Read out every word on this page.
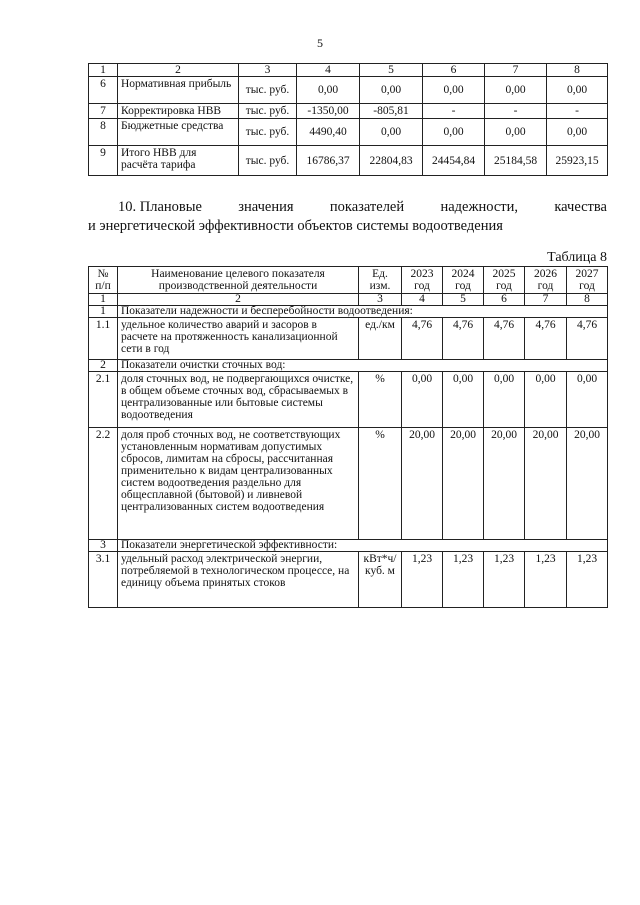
5
1	2	3	4	5	6	7	8
6	Нормативная прибыль	тыс. руб.	0,00	0,00	0,00	0,00	0,00
7	Корректировка НВВ	тыс. руб.	-1350,00	-805,81	-	-	-
8	Бюджетные средства	тыс. руб.	4490,40	0,00	0,00	0,00	0,00
9	Итого НВВ для расчёта тарифа	тыс. руб.	16786,37	22804,83	24454,84	25184,58	25923,15
10. Плановые	значения	показателей	надежности,	качества
и энергетической эффективности объектов системы водоотведения
Таблица 8
№ п/п	Наименование целевого показателя производственной деятельности	Ед. изм.	2023 год	2024 год	2025 год	2026 год	2027 год
1	2	3	4	5	6	7	8
1	Показатели надежности и бесперебойности водоотведения:						
1.1	удельное количество аварий и засоров в расчете на протяженность канализационной сети в год	ед./км	4,76	4,76	4,76	4,76	4,76
2	Показатели очистки сточных вод:						
2.1	доля сточных вод, не подвергающихся очистке, в общем объеме сточных вод, сбрасываемых в централизованные или бытовые системы водоотведения	%	0,00	0,00	0,00	0,00	0,00
2.2	доля проб сточных вод, не соответствующих установленным нормативам допустимых сбросов, лимитам на сбросы, рассчитанная применительно к видам централизованных систем водоотведения раздельно для общесплавной (бытовой) и ливневой централизованных систем водоотведения	%	20,00	20,00	20,00	20,00	20,00
3	Показатели энергетической эффективности:						
3.1	удельный расход электрической энергии, потребляемой в технологическом процессе, на единицу объема принятых стоков	кВт*ч/ куб. м	1,23	1,23	1,23	1,23	1,23
